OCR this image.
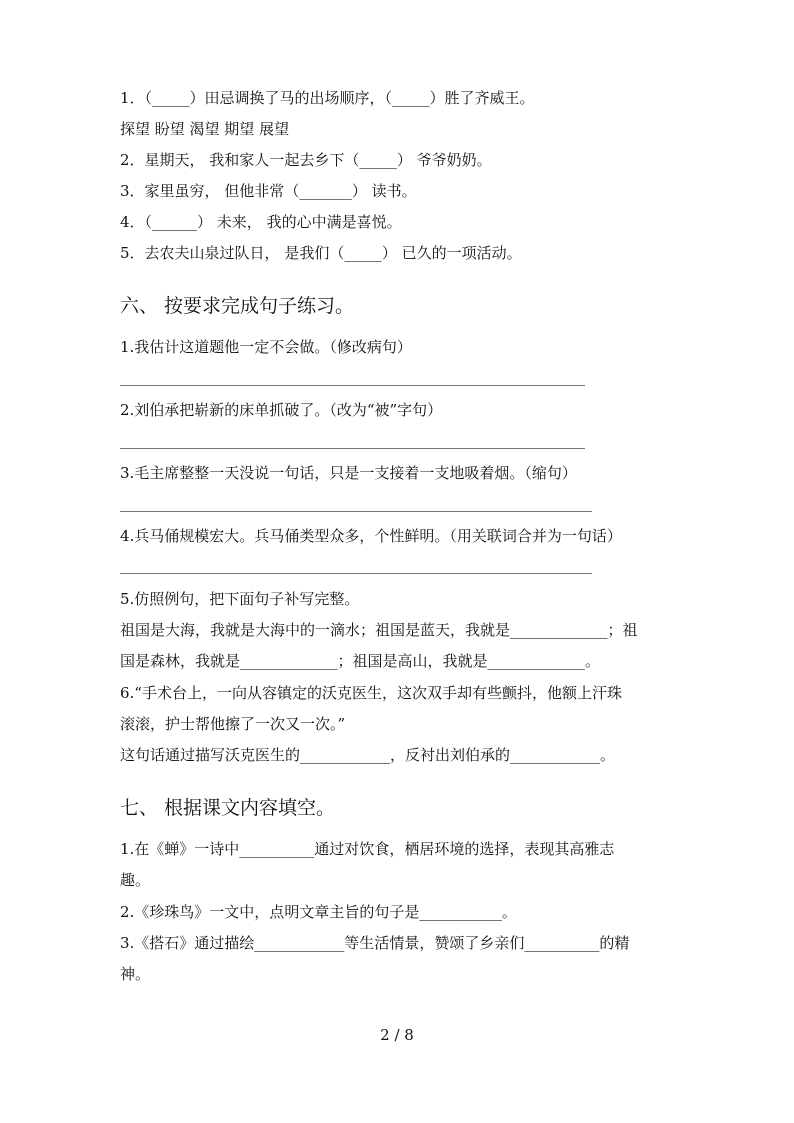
1．（_____）田忌调换了马的出场顺序，（_____）胜了齐威王。
探望 盼望 渴望 期望 展望
2．星期天， 我和家人一起去乡下（_____） 爷爷奶奶。
3．家里虽穷， 但他非常（_______） 读书。
4．（______） 未来， 我的心中满是喜悦。
5．去农夫山泉过队日， 是我们（_____） 已久的一项活动。
六、 按要求完成句子练习。
1.我估计这道题他一定不会做。（修改病句）
2.刘伯承把崭新的床单抓破了。（改为“被”字句）
3.毛主席整整一天没说一句话，只是一支接着一支地吸着烟。（缩句）
4.兵马俑规模宏大。兵马俑类型众多，个性鲜明。（用关联词合并为一句话）
5.仿照例句，把下面句子补写完整。
祖国是大海，我就是大海中的一滴水；祖国是蓝天，我就是_____________；祖
国是森林，我就是_____________；祖国是高山，我就是_____________。
6.“手术台上，一向从容镇定的沃克医生，这次双手却有些颤抖，他额上汗珠
滚滚，护士帮他擦了一次又一次。”
这句话通过描写沃克医生的____________，反衬出刘伯承的____________。
七、 根据课文内容填空。
1.在《蝉》一诗中__________通过对饮食，栖居环境的选择，表现其高雅志
趣。
2.《珍珠鸟》一文中，点明文章主旨的句子是___________。
3.《搭石》通过描绘____________等生活情景，赞颂了乡亲们__________的精
神。
2 / 8
